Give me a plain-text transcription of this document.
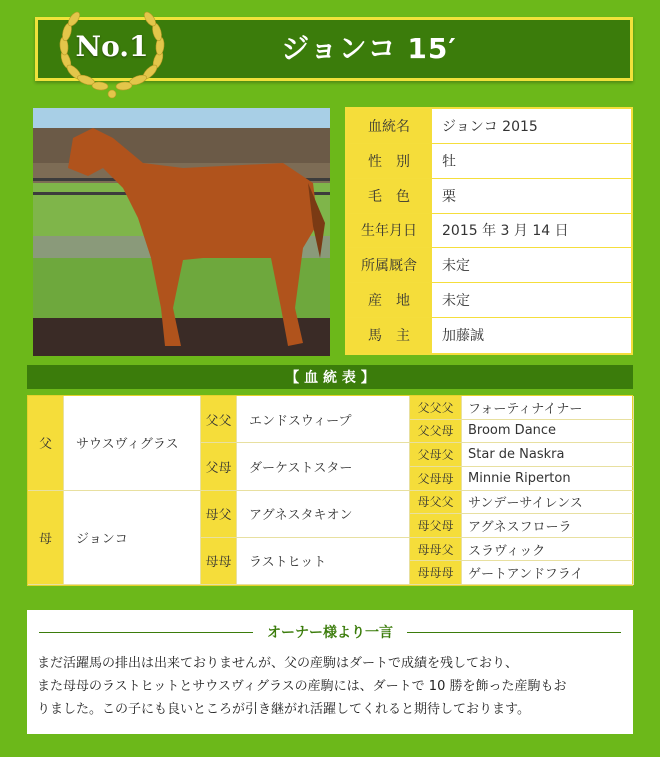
ジョンコ 15′
No.1
血統名	ジョンコ 2015
性　別	牡
毛　色	栗
生年月日	2015 年 3 月 14 日
所属厩舎	未定
産　地	未定
馬　主	加藤誠
【 血 統 表 】
父	サウスヴィグラス
母	ジョンコ
父父	エンドスウィープ
父母	ダーケストスター
母父	アグネスタキオン
母母	ラストヒット
父父父	フォーティナイナー
父父母	Broom Dance
父母父	Star de Naskra
父母母	Minnie Riperton
母父父	サンデーサイレンス
母父母	アグネスフローラ
母母父	スラヴィック
母母母	ゲートアンドフライ
オーナー様より一言
まだ活躍馬の排出は出来ておりませんが、父の産駒はダートで成績を残しており、
また母母のラストヒットとサウスヴィグラスの産駒には、ダートで 10 勝を飾った産駒もお
りました。この子にも良いところが引き継がれ活躍してくれると期待しております。
